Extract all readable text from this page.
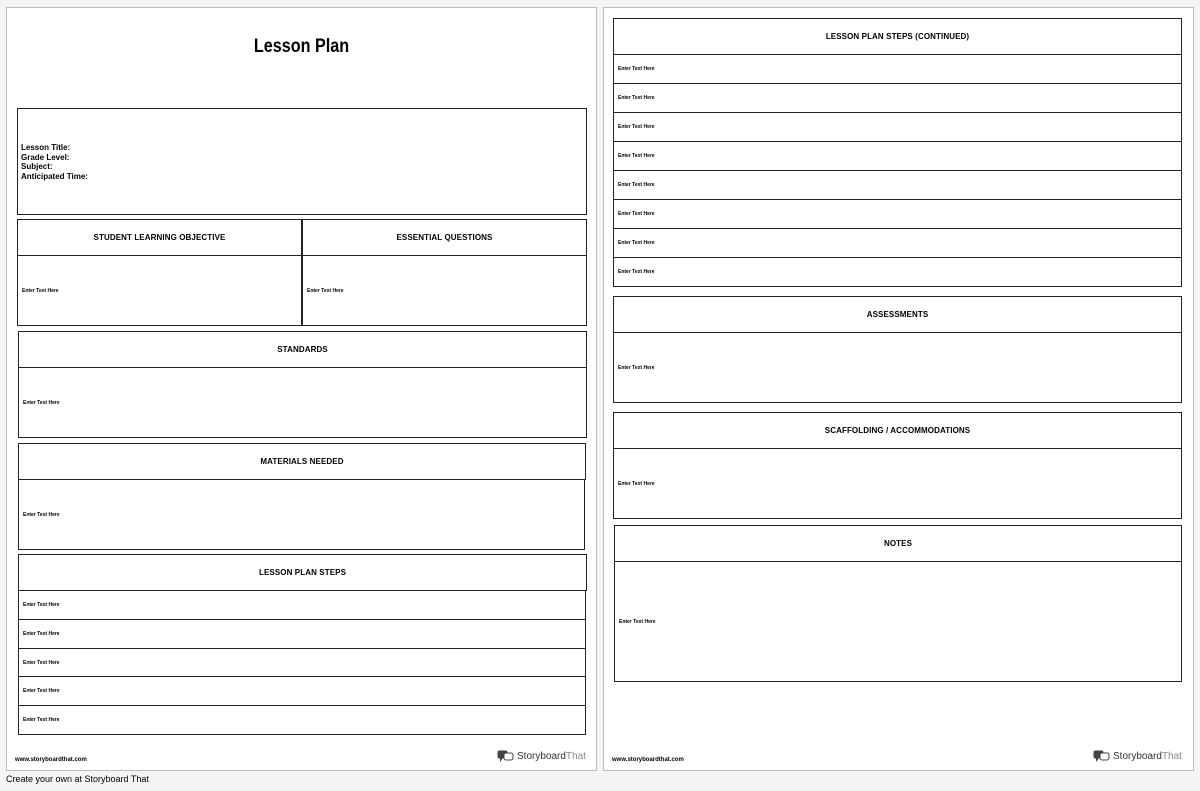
Lesson Plan
Lesson Title:
Grade Level:
Subject:
Anticipated Time:
STUDENT LEARNING OBJECTIVE	ESSENTIAL QUESTIONS
Enter Text Here	Enter Text Here
STANDARDS
Enter Text Here
MATERIALS NEEDED
Enter Text Here
LESSON PLAN STEPS
Enter Text Here
Enter Text Here
Enter Text Here
Enter Text Here
Enter Text Here
www.storyboardthat.com	StoryboardThat
LESSON PLAN STEPS (CONTINUED)
Enter Text Here
Enter Text Here
Enter Text Here
Enter Text Here
Enter Text Here
Enter Text Here
Enter Text Here
Enter Text Here
ASSESSMENTS
Enter Text Here
SCAFFOLDING / ACCOMMODATIONS
Enter Text Here
NOTES
Enter Text Here
www.storyboardthat.com	StoryboardThat
Create your own at Storyboard That
